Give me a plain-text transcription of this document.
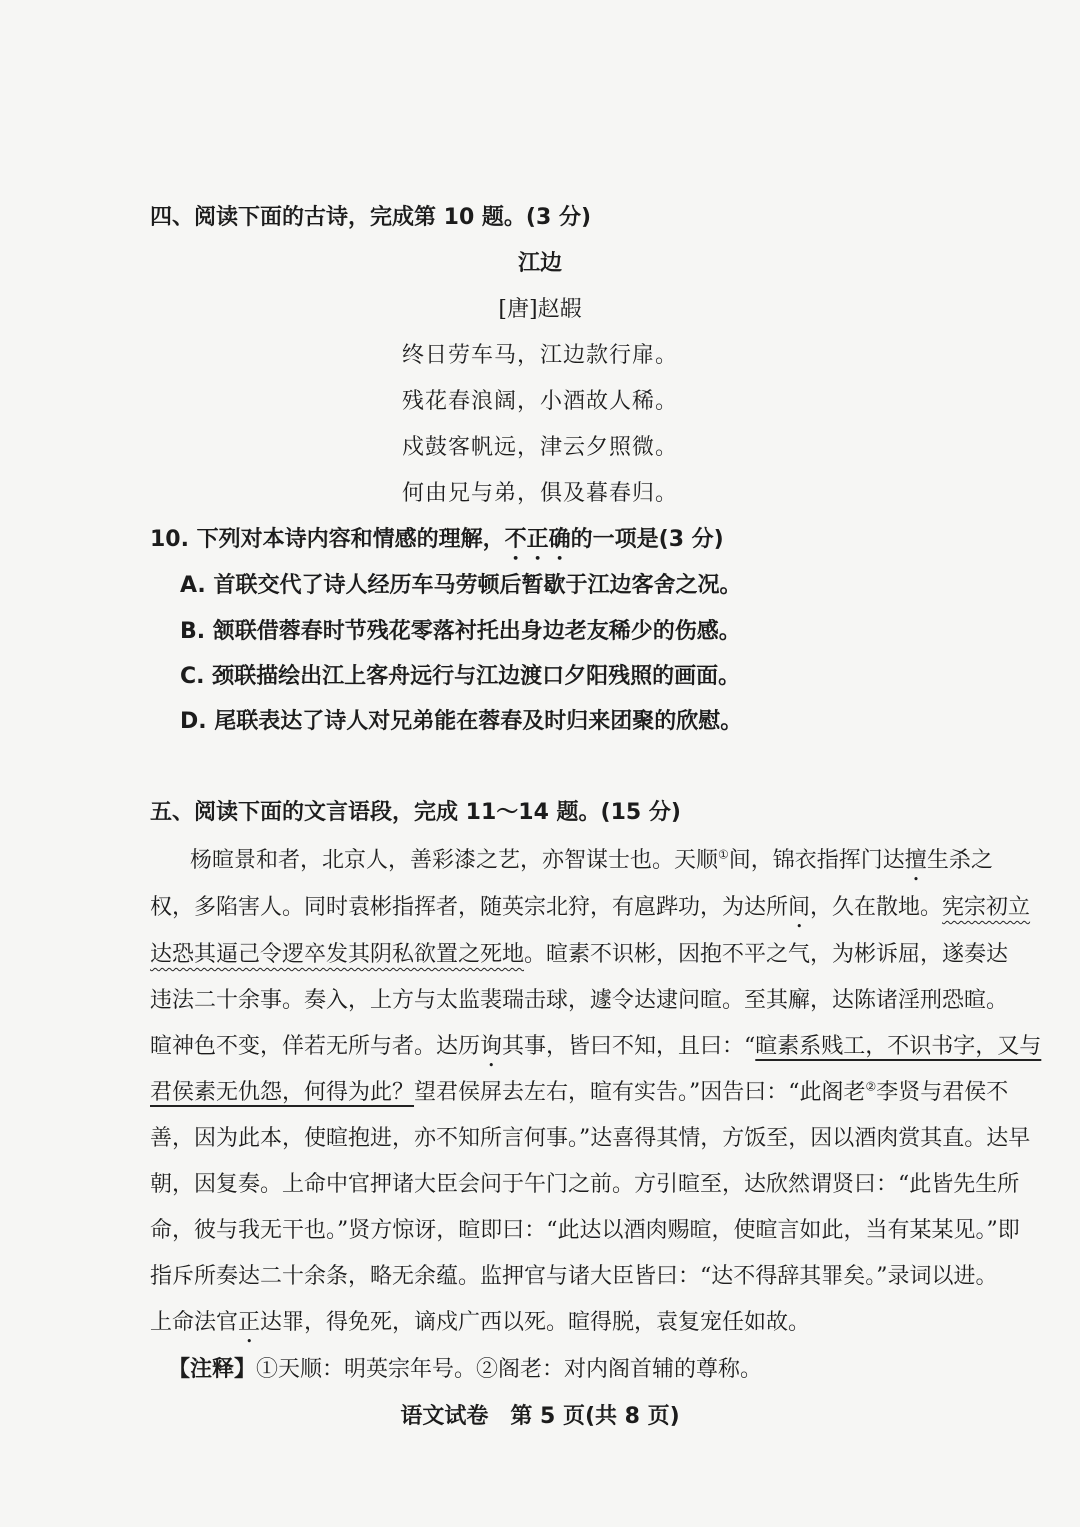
四、阅读下面的古诗，完成第 10 题。(3 分)
江边
[唐]赵嘏
终日劳车马，江边款行扉。
残花春浪阔，小酒故人稀。
戍鼓客帆远，津云夕照微。
何由兄与弟，俱及暮春归。
10. 下列对本诗内容和情感的理解，不正确的一项是(3 分)
A. 首联交代了诗人经历车马劳顿后暂歇于江边客舍之况。
B. 颔联借蓉春时节残花零落衬托出身边老友稀少的伤感。
C. 颈联描绘出江上客舟远行与江边渡口夕阳残照的画面。
D. 尾联表达了诗人对兄弟能在蓉春及时归来团聚的欣慰。
五、阅读下面的文言语段，完成 11～14 题。(15 分)
杨暄景和者，北京人，善彩漆之艺，亦智谋士也。天顺①间，锦衣指挥门达擅生杀之
权，多陷害人。同时袁彬指挥者，随英宗北狩，有扈跸功，为达所间，久在散地。宪宗初立
达恐其逼己令逻卒发其阴私欲置之死地。暄素不识彬，因抱不平之气，为彬诉屈，遂奏达
违法二十余事。奏入，上方与太监裴瑞击球，遽令达逮问暄。至其廨，达陈诸淫刑恐暄。
暄神色不变，佯若无所与者。达历询其事，皆曰不知，且曰：“暄素系贱工，不识书字，又与
君侯素无仇怨，何得为此？望君侯屏去左右，暄有实告。”因告曰：“此阁老②李贤与君侯不
善，因为此本，使暄抱进，亦不知所言何事。”达喜得其情，方饭至，因以酒肉赏其直。达早
朝，因复奏。上命中官押诸大臣会问于午门之前。方引暄至，达欣然谓贤曰：“此皆先生所
命，彼与我无干也。”贤方惊讶，暄即曰：“此达以酒肉赐暄，使暄言如此，当有某某见。”即
指斥所奏达二十余条，略无余蕴。监押官与诸大臣皆曰：“达不得辞其罪矣。”录词以进。
上命法官正达罪，得免死，谪戍广西以死。暄得脱，袁复宠任如故。
【注释】①天顺：明英宗年号。②阁老：对内阁首辅的尊称。
语文试卷　第 5 页(共 8 页)
